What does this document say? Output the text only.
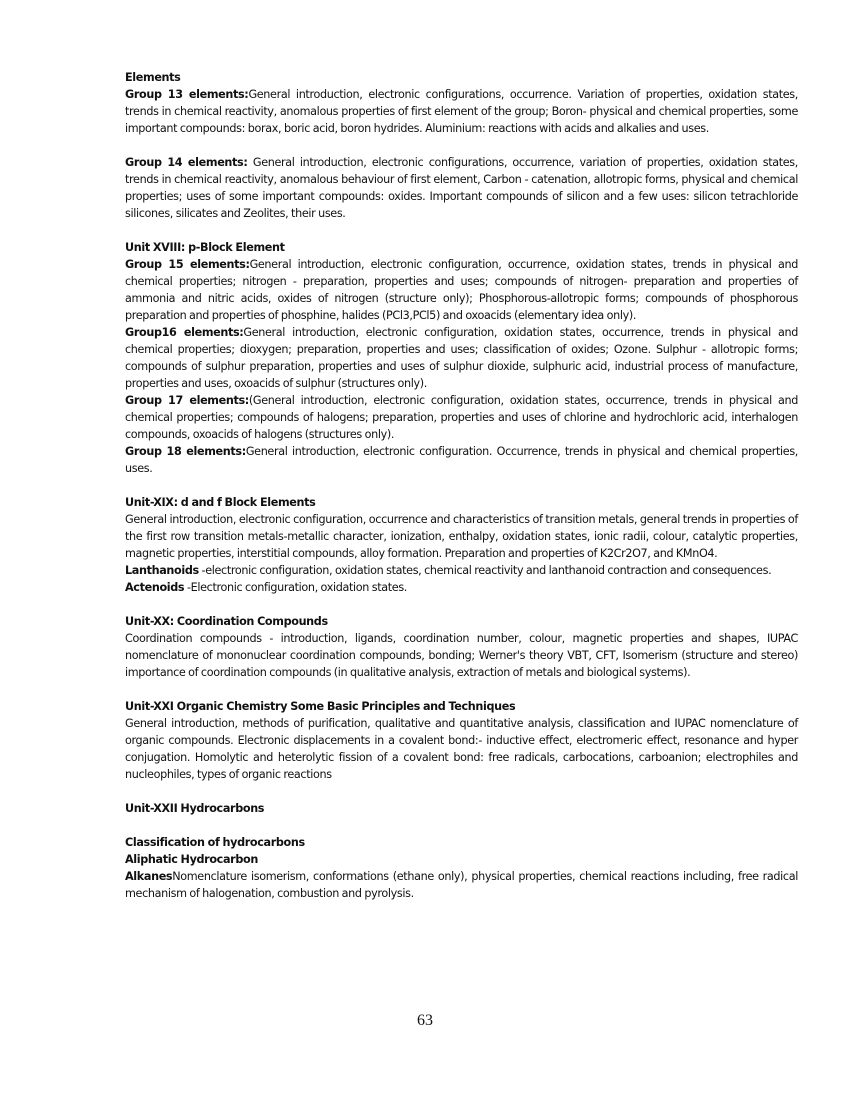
Elements

Group 13 elements:General introduction, electronic configurations, occurrence. Variation of properties, oxidation states, trends in chemical reactivity, anomalous properties of first element of the group; Boron- physical and chemical properties, some important compounds: borax, boric acid, boron hydrides. Aluminium: reactions with acids and alkalies and uses.

Group 14 elements: General introduction, electronic configurations, occurrence, variation of properties, oxidation states, trends in chemical reactivity, anomalous behaviour of first element, Carbon - catenation, allotropic forms, physical and chemical properties; uses of some important compounds: oxides. Important compounds of silicon and a few uses: silicon tetrachloride silicones, silicates and Zeolites, their uses.

Unit XVIII: p-Block Element

Group 15 elements:General introduction, electronic configuration, occurrence, oxidation states, trends in physical and chemical properties; nitrogen - preparation, properties and uses; compounds of nitrogen- preparation and properties of ammonia and nitric acids, oxides of nitrogen (structure only); Phosphorous-allotropic forms; compounds of phosphorous preparation and properties of phosphine, halides (PCl3,PCl5) and oxoacids (elementary idea only).

Group16 elements:General introduction, electronic configuration, oxidation states, occurrence, trends in physical and chemical properties; dioxygen; preparation, properties and uses; classification of oxides; Ozone. Sulphur - allotropic forms; compounds of sulphur preparation, properties and uses of sulphur dioxide, sulphuric acid, industrial process of manufacture, properties and uses, oxoacids of sulphur (structures only).

Group 17 elements:(General introduction, electronic configuration, oxidation states, occurrence, trends in physical and chemical properties; compounds of halogens; preparation, properties and uses of chlorine and hydrochloric acid, interhalogen compounds, oxoacids of halogens (structures only).

Group 18 elements:General introduction, electronic configuration. Occurrence, trends in physical and chemical properties, uses.

Unit-XIX: d and f Block Elements

General introduction, electronic configuration, occurrence and characteristics of transition metals, general trends in properties of the first row transition metals-metallic character, ionization, enthalpy, oxidation states, ionic radii, colour, catalytic properties, magnetic properties, interstitial compounds, alloy formation. Preparation and properties of K2Cr2O7, and KMnO4.

Lanthanoids -electronic configuration, oxidation states, chemical reactivity and lanthanoid contraction and consequences.

Actenoids -Electronic configuration, oxidation states.

Unit-XX: Coordination Compounds

Coordination compounds - introduction, ligands, coordination number, colour, magnetic properties and shapes, IUPAC nomenclature of mononuclear coordination compounds, bonding; Werner's theory VBT, CFT, Isomerism (structure and stereo) importance of coordination compounds (in qualitative analysis, extraction of metals and biological systems).

Unit-XXI Organic Chemistry Some Basic Principles and Techniques

General introduction, methods of purification, qualitative and quantitative analysis, classification and IUPAC nomenclature of organic compounds. Electronic displacements in a covalent bond:- inductive effect, electromeric effect, resonance and hyper conjugation. Homolytic and heterolytic fission of a covalent bond: free radicals, carbocations, carboanion; electrophiles and nucleophiles, types of organic reactions

Unit-XXII Hydrocarbons
Classification of hydrocarbons
Aliphatic Hydrocarbon

AlkanesNomenclature isomerism, conformations (ethane only), physical properties, chemical reactions including, free radical mechanism of halogenation, combustion and pyrolysis.

63
